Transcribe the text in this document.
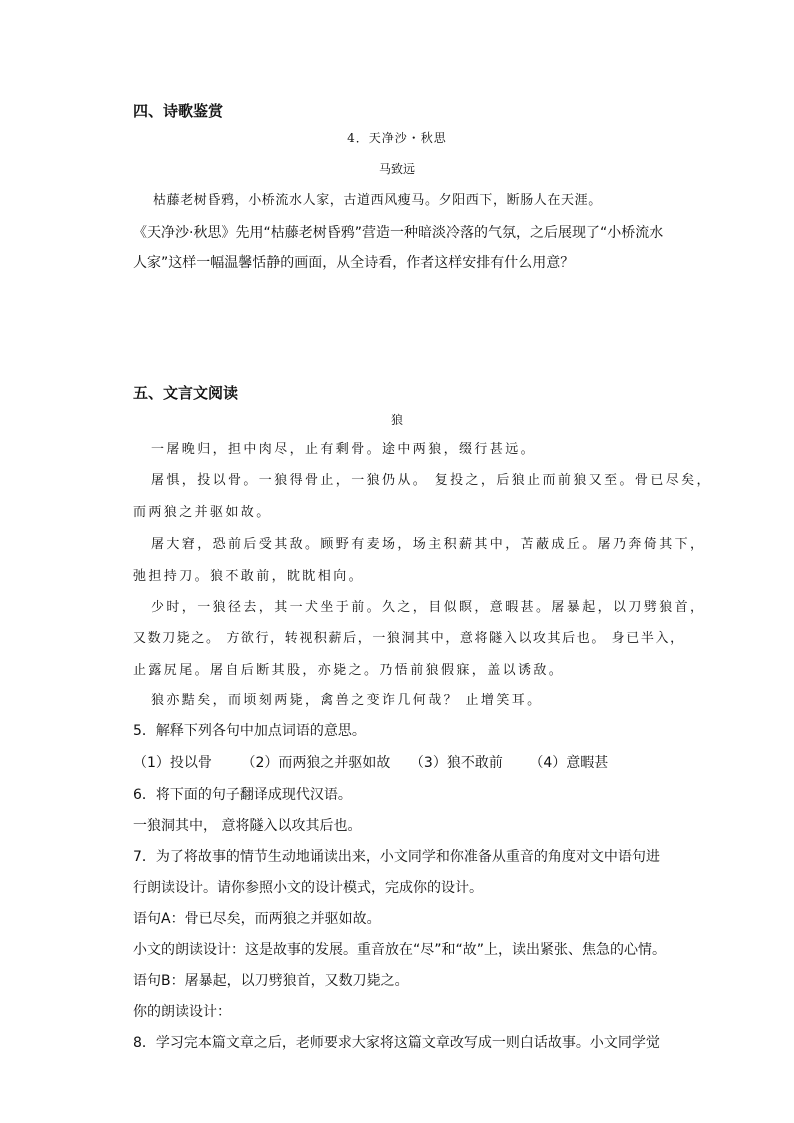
四、诗歌鉴赏
4．天净沙・秋思
马致远
枯藤老树昏鸦，小桥流水人家，古道西风瘦马。夕阳西下，断肠人在天涯。
《天净沙·秋思》先用“枯藤老树昏鸦”营造一种暗淡冷落的气氛，之后展现了“小桥流水
人家”这样一幅温馨恬静的画面，从全诗看，作者这样安排有什么用意？
五、文言文阅读
狼
一屠晚归，担中肉尽，止有剩骨。途中两狼，缀行甚远。
屠惧，投以骨。一狼得骨止，一狼仍从。 复投之，后狼止而前狼又至。骨已尽矣，
而两狼之并驱如故。
屠大窘，恐前后受其敌。顾野有麦场，场主积薪其中，苫蔽成丘。屠乃奔倚其下，
弛担持刀。狼不敢前，眈眈相向。
少时，一狼径去，其一犬坐于前。久之，目似瞑，意暇甚。屠暴起，以刀劈狼首，
又数刀毙之。 方欲行，转视积薪后，一狼洞其中，意将隧入以攻其后也。 身已半入，
止露尻尾。屠自后断其股，亦毙之。乃悟前狼假寐，盖以诱敌。
狼亦黠矣，而顷刻两毙，禽兽之变诈几何哉？ 止增笑耳。
5．解释下列各句中加点词语的意思。
（1）投以骨 （2）而两狼之并驱如故 （3）狼不敢前 （4）意暇甚
6．将下面的句子翻译成现代汉语。
一狼洞其中， 意将隧入以攻其后也。
7．为了将故事的情节生动地诵读出来，小文同学和你准备从重音的角度对文中语句进
行朗读设计。请你参照小文的设计模式，完成你的设计。
语句A：骨已尽矣，而两狼之并驱如故。
小文的朗读设计：这是故事的发展。重音放在“尽”和“故”上，读出紧张、焦急的心情。
语句B：屠暴起，以刀劈狼首，又数刀毙之。
你的朗读设计：
8．学习完本篇文章之后，老师要求大家将这篇文章改写成一则白话故事。小文同学觉
